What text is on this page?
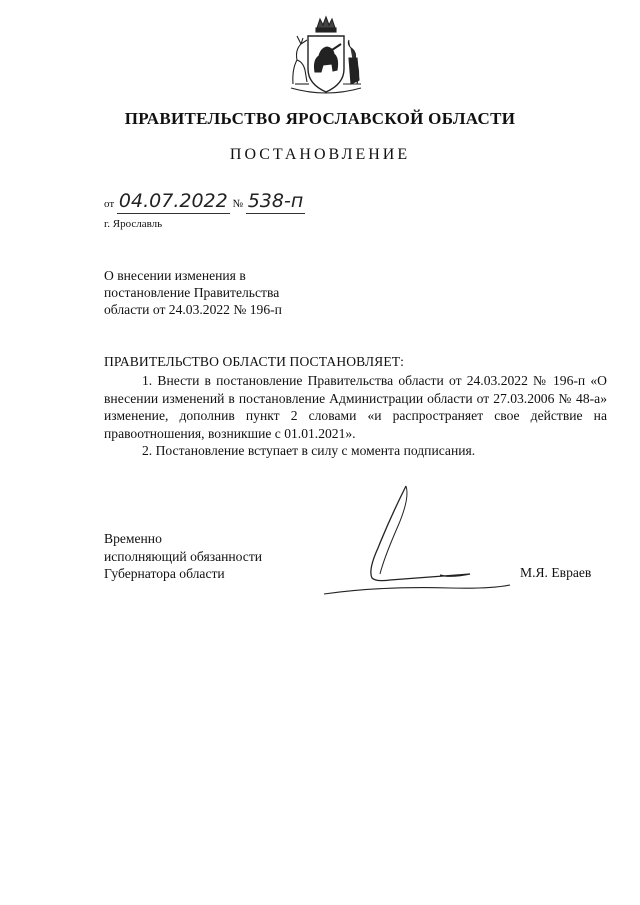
ПРАВИТЕЛЬСТВО ЯРОСЛАВСКОЙ ОБЛАСТИ
ПОСТАНОВЛЕНИЕ
от 04.07.2022 № 538-п
г. Ярославль
О внесении изменения в
постановление Правительства
области от 24.03.2022 № 196-п
ПРАВИТЕЛЬСТВО ОБЛАСТИ ПОСТАНОВЛЯЕТ:

1. Внести в постановление Правительства области от 24.03.2022 № 196-п «О внесении изменений в постановление Администрации области от 27.03.2006 № 48-а» изменение, дополнив пункт 2 словами «и распространяет свое действие на правоотношения, возникшие с 01.01.2021».

2. Постановление вступает в силу с момента подписания.

Временно
исполняющий обязанности
Губернатора области	М.Я. Евраев
